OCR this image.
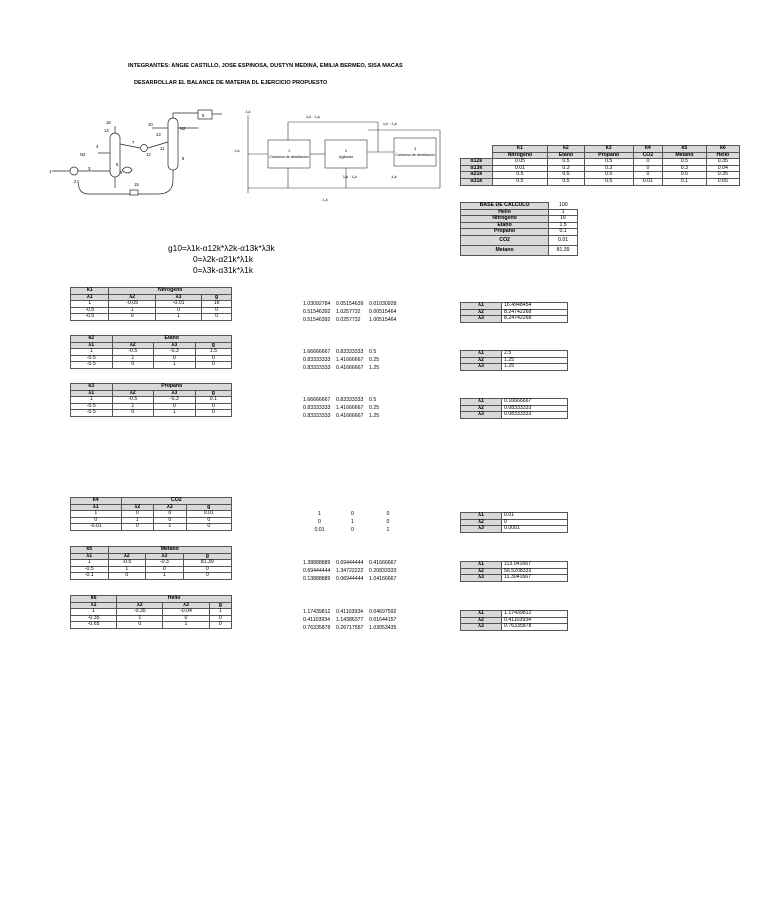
INTEGRANTES: ANGIE CASTILLO, JOSE ESPINOSA, DUSTYN MEDINA, EMILIA BERMEO, SISA MACAS
DESARROLLAR EL BALANCE DE MATERIA DL EJERCICIO PROPUESTO
1
2
3
4
5
6
7
8
9
10
11
12
13
14
15
16
N2
N2
1
Columna de destilación
2
Agitador
3
Columna de destilación
λ₁k
λ₂k · λ₃k
λ₁k · λ₃k
λ₁k
λ₂k
λ₃k
λ₂k · λ₃k
	k1	k2	k3	k4	k5	k6
	Nitrogeno	Etano	Propano	CO2	Metano	Helio
α12k	0.05	0.5	0.5	0	0.5	0.35
α13k	0.01	0.3	0.3	0	0.3	0.04
α21k	0.5	0.5	0.5	0	0.5	0.35
α31k	0.5	0.5	0.5	0.01	0.1	0.65
BASE DE CALCULO	100
Helio	1
Nitrogeno	16
Etano	1.5
Propano	0.1
CO2	0.01
Metano	81.39
g10=λ1k-α12k*λ2k-α13k*λ3k
0=λ2k-α21k*λ1k
0=λ3k-α31k*λ1k
k1	Nitrogeno		
λ1	λ2	λ3	g
1	-0.05	-0.01	16
-0.5	1	0	0
-0.5	0	1	0
1.03092784 0.05154639 0.01030928
0.51546392 1.0257732 0.00515464
0.51546392 0.0257732 1.00515464
λ1	16.4948454
λ2	8.24742268
λ3	8.24742268
k2	Etano		
λ1	λ2	λ3	g
1	-0.5	-0.3	1.5
-0.5	1	0	0
-0.5	0	1	0
1.66666667 0.83333333 0.5
0.83333333 1.41666667 0.25
0.83333333 0.41666667 1.25
λ1	2.5
λ2	1.25
λ3	1.25
k3	Propano		
λ1	λ2	λ3	g
1	-0.5	-0.3	0.1
-0.5	1	0	0
-0.5	0	1	0
1.66666667 0.83333333 0.5
0.83333333 1.41666667 0.25
0.83333333 0.41666667 1.25
λ1	0.16666667
λ2	0.08333333
λ3	0.08333333
k4	CO2		
λ1	λ2	λ3	g
1	0	0	0.01
0	1	0	0
-0.01	0	1	0
1	0	0
0	1	0
0.01	0	1
λ1	0.01
λ2	0
λ3	0.0001
k5	Metano		
λ1	λ2	λ3	g
1	-0.5	-0.3	81.39
-0.5	1	0	0
-0.1	0	1	0
1.38888889 0.69444444 0.41666667
0.69444444 1.34722222 0.20833333
0.13888889 0.06944444 1.04166667
λ1	113.041667
λ2	56.5208333
λ3	11.3041667
k6	Helio		
λ1	λ2	λ3	g
1	-0.35	-0.04	1
-0.35	1	0	0
-0.65	0	1	0
1.17439812 0.41103934 0.04697592
0.41103934 1.14386377 0.01644157
0.76335878 0.26717557 1.03053435
λ1	1.17439812
λ2	0.41103934
λ3	0.76335878
